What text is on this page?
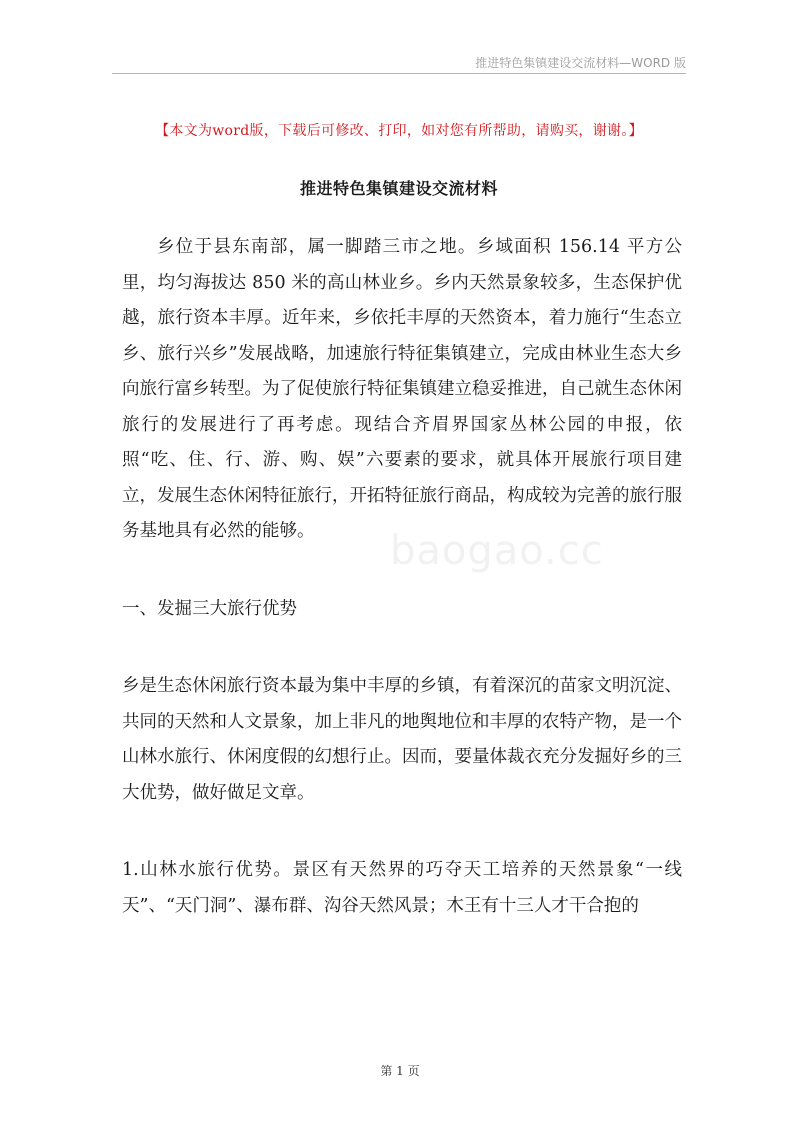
推进特色集镇建设交流材料—WORD 版
【本文为word版，下载后可修改、打印，如对您有所帮助，请购买，谢谢。】
推进特色集镇建设交流材料

乡位于县东南部，属一脚踏三市之地。乡域面积 156.14 平方公里，均匀海拔达 850 米的高山林业乡。乡内天然景象较多，生态保护优越，旅行资本丰厚。近年来，乡依托丰厚的天然资本，着力施行“生态立乡、旅行兴乡”发展战略，加速旅行特征集镇建立，完成由林业生态大乡向旅行富乡转型。为了促使旅行特征集镇建立稳妥推进，自己就生态休闲旅行的发展进行了再考虑。现结合齐眉界国家丛林公园的申报，依照“吃、住、行、游、购、娱”六要素的要求，就具体开展旅行项目建立，发展生态休闲特征旅行，开拓特征旅行商品，构成较为完善的旅行服务基地具有必然的能够。

一、发掘三大旅行优势

乡是生态休闲旅行资本最为集中丰厚的乡镇，有着深沉的苗家文明沉淀、共同的天然和人文景象，加上非凡的地舆地位和丰厚的农特产物，是一个山林水旅行、休闲度假的幻想行止。因而，要量体裁衣充分发掘好乡的三大优势，做好做足文章。

1.山林水旅行优势。景区有天然界的巧夺天工培养的天然景象“一线天”、“天门洞”、瀑布群、沟谷天然风景；木王有十三人才干合抱的

baogao.cc
第 1 页
